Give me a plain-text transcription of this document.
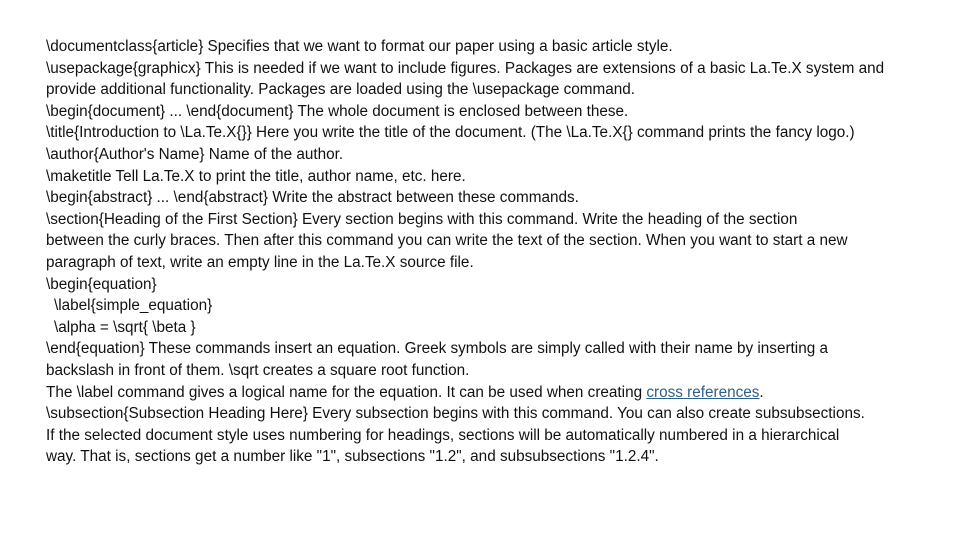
\documentclass{article} Specifies that we want to format our paper using a basic article style.
\usepackage{graphicx} This is needed if we want to include figures. Packages are extensions of a basic La.Te.X system and
provide additional functionality. Packages are loaded using the \usepackage command.
\begin{document} ... \end{document} The whole document is enclosed between these.
\title{Introduction to \La.Te.X{}} Here you write the title of the document. (The \La.Te.X{} command prints the fancy logo.)
\author{Author's Name} Name of the author.
\maketitle Tell La.Te.X to print the title, author name, etc. here.
\begin{abstract} ... \end{abstract} Write the abstract between these commands.
\section{Heading of the First Section} Every section begins with this command. Write the heading of the section
between the curly braces. Then after this command you can write the text of the section. When you want to start a new
paragraph of text, write an empty line in the La.Te.X source file.
\begin{equation}
\label{simple_equation}
\alpha = \sqrt{ \beta }
\end{equation} These commands insert an equation. Greek symbols are simply called with their name by inserting a
backslash in front of them. \sqrt creates a square root function.
The \label command gives a logical name for the equation. It can be used when creating cross references.
\subsection{Subsection Heading Here} Every subsection begins with this command. You can also create subsubsections.
If the selected document style uses numbering for headings, sections will be automatically numbered in a hierarchical
way. That is, sections get a number like "1", subsections "1.2", and subsubsections "1.2.4".
